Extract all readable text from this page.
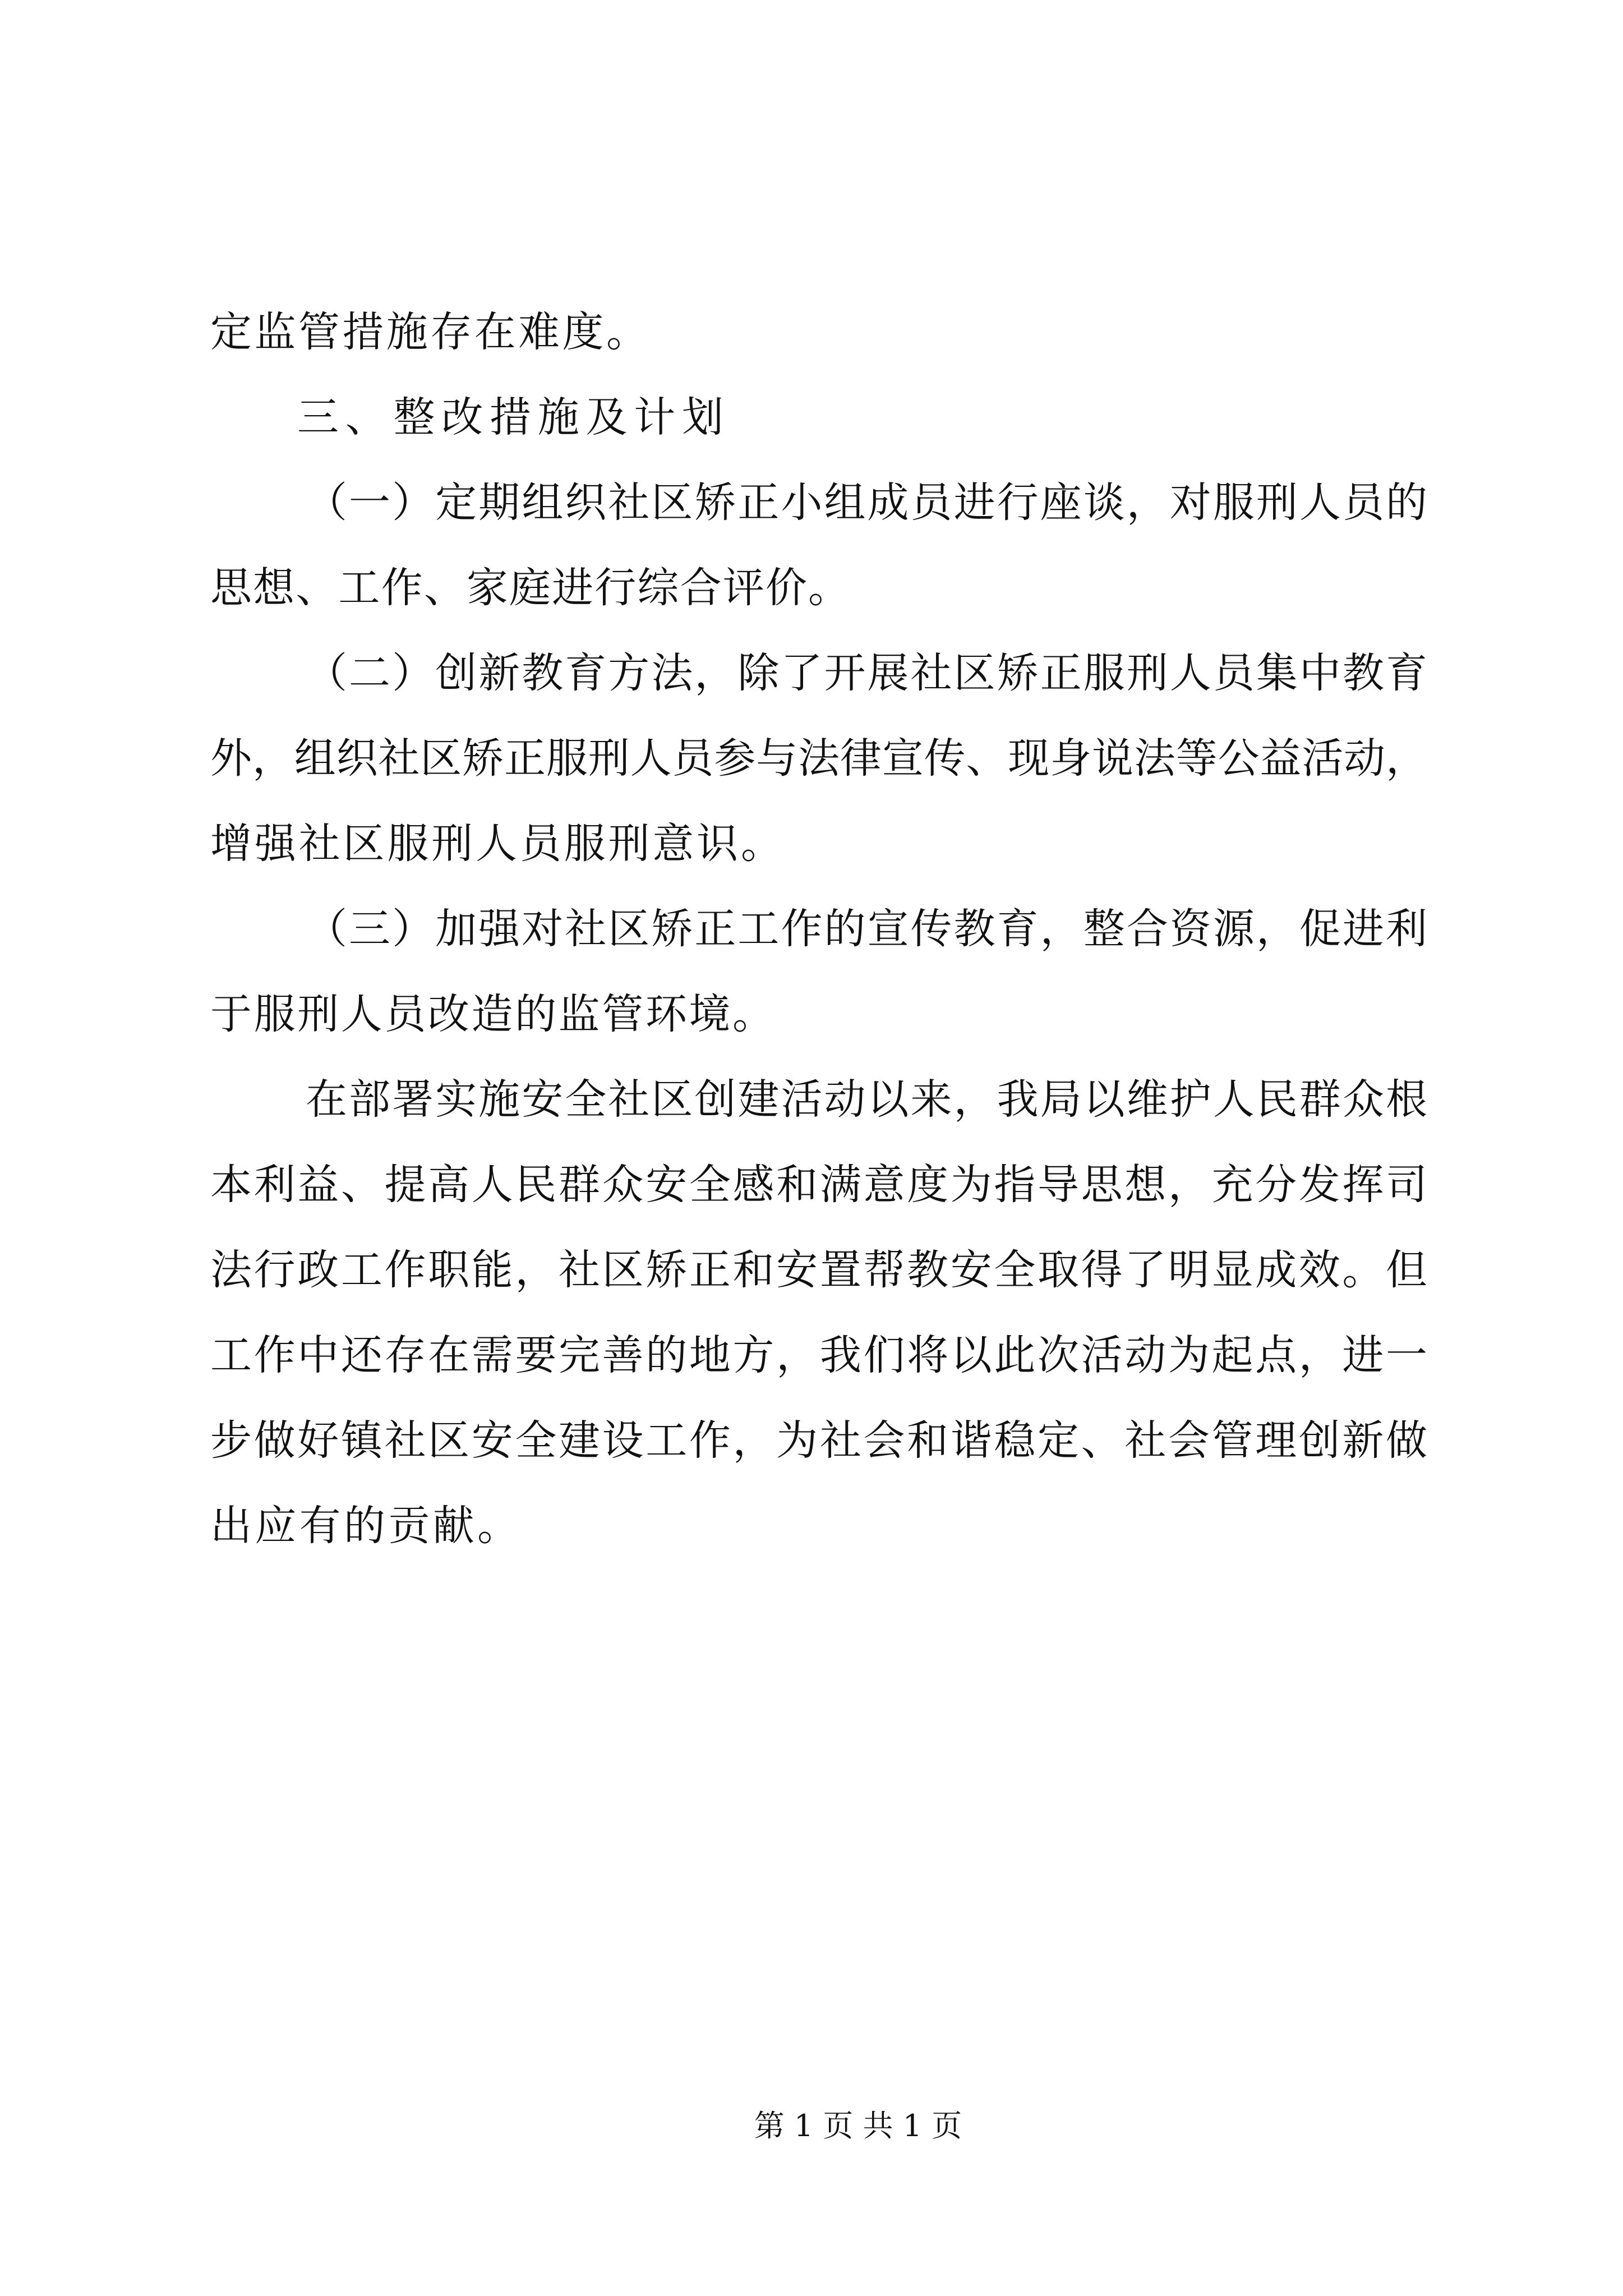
定监管措施存在难度。
三、整改措施及计划
（一）定期组织社区矫正小组成员进行座谈，对服刑人员的
思想、工作、家庭进行综合评价。
（二）创新教育方法，除了开展社区矫正服刑人员集中教育
外，组织社区矫正服刑人员参与法律宣传、现身说法等公益活动，
增强社区服刑人员服刑意识。
（三）加强对社区矫正工作的宣传教育，整合资源，促进利
于服刑人员改造的监管环境。
在部署实施安全社区创建活动以来，我局以维护人民群众根
本利益、提高人民群众安全感和满意度为指导思想，充分发挥司
法行政工作职能，社区矫正和安置帮教安全取得了明显成效。但
工作中还存在需要完善的地方，我们将以此次活动为起点，进一
步做好镇社区安全建设工作，为社会和谐稳定、社会管理创新做
出应有的贡献。
第 1 页 共 1 页
